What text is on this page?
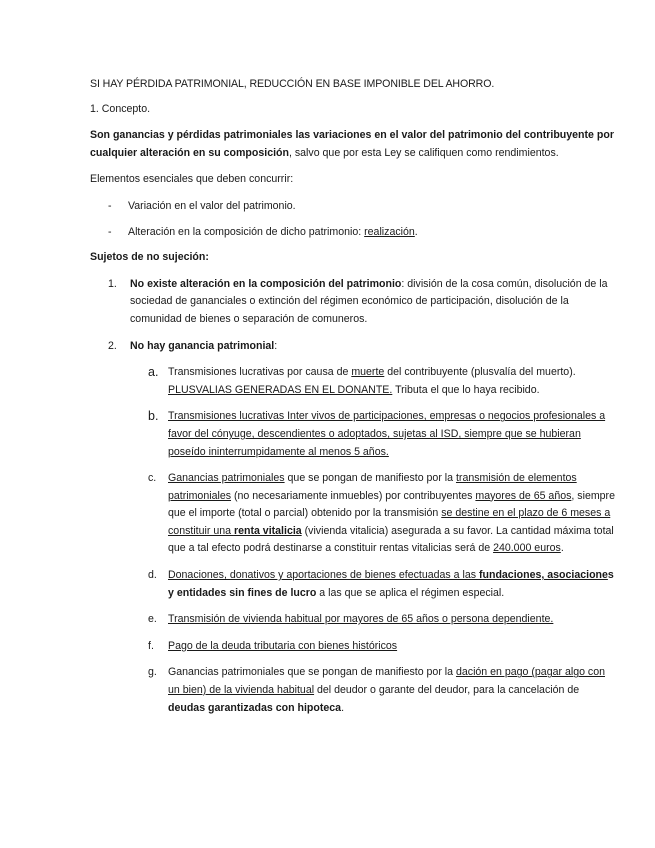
SI HAY PÉRDIDA PATRIMONIAL, REDUCCIÓN EN BASE IMPONIBLE DEL AHORRO.

1. Concepto.

Son ganancias y pérdidas patrimoniales las variaciones en el valor del patrimonio del contribuyente por cualquier alteración en su composición, salvo que por esta Ley se califiquen como rendimientos.

Elementos esenciales que deben concurrir:

- Variación en el valor del patrimonio.
- Alteración en la composición de dicho patrimonio: realización.

Sujetos de no sujeción:

1. No existe alteración en la composición del patrimonio: división de la cosa común, disolución de la sociedad de gananciales o extinción del régimen económico de participación, disolución de la comunidad de bienes o separación de comuneros.
2. No hay ganancia patrimonial:
a. Transmisiones lucrativas por causa de muerte del contribuyente (plusvalía del muerto). PLUSVALIAS GENERADAS EN EL DONANTE. Tributa el que lo haya recibido.
b. Transmisiones lucrativas Inter vivos de participaciones, empresas o negocios profesionales a favor del cónyuge, descendientes o adoptados, sujetas al ISD, siempre que se hubieran poseído ininterrumpidamente al menos 5 años.
c. Ganancias patrimoniales que se pongan de manifiesto por la transmisión de elementos patrimoniales (no necesariamente inmuebles) por contribuyentes mayores de 65 años, siempre que el importe (total o parcial) obtenido por la transmisión se destine en el plazo de 6 meses a constituir una renta vitalicia (vivienda vitalicia) asegurada a su favor. La cantidad máxima total que a tal efecto podrá destinarse a constituir rentas vitalicias será de 240.000 euros.
d. Donaciones, donativos y aportaciones de bienes efectuadas a las fundaciones, asociaciones y entidades sin fines de lucro a las que se aplica el régimen especial.
e. Transmisión de vivienda habitual por mayores de 65 años o persona dependiente.
f. Pago de la deuda tributaria con bienes históricos
g. Ganancias patrimoniales que se pongan de manifiesto por la dación en pago (pagar algo con un bien) de la vivienda habitual del deudor o garante del deudor, para la cancelación de deudas garantizadas con hipoteca.
